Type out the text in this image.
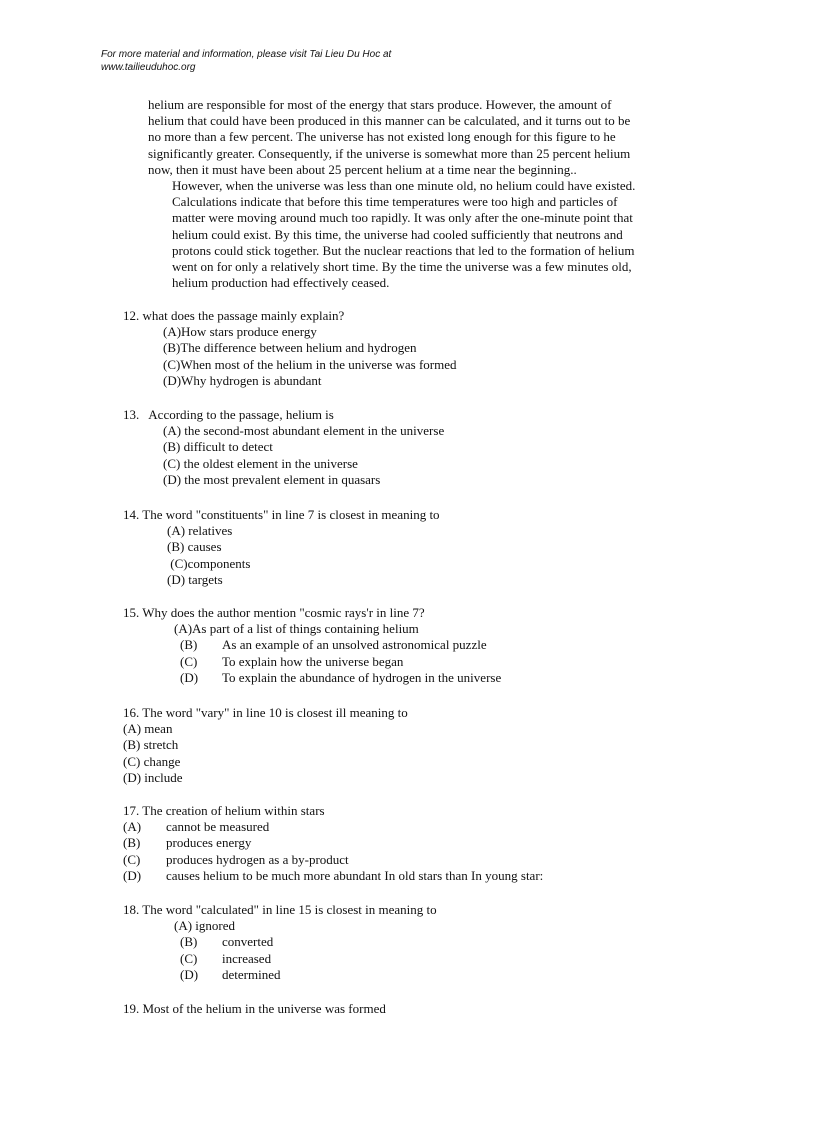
For more material and information, please visit Tai Lieu Du Hoc at
www.tailieuduhoc.org
helium are responsible for most of the energy that stars produce. However, the amount of
helium that could have been produced in this manner can be calculated, and it turns out to be
no more than a few percent. The universe has not existed long enough for this figure to he
significantly greater. Consequently, if the universe is somewhat more than 25 percent helium
now, then it must have been about 25 percent helium at a time near the beginning..
However, when the universe was less than one minute old, no helium could have existed.
Calculations indicate that before this time temperatures were too high and particles of
matter were moving around much too rapidly. It was only after the one-minute point that
helium could exist. By this time, the universe had cooled sufficiently that neutrons and
protons could stick together. But the nuclear reactions that led to the formation of helium
went on for only a relatively short time. By the time the universe was a few minutes old,
helium production had effectively ceased.
12. what does the passage mainly explain?
(A)How stars produce energy
(B)The difference between helium and hydrogen
(C)When most of the helium in the universe was formed
(D)Why hydrogen is abundant
13.   According to the passage, helium is
(A) the second-most abundant element in the universe
(B) difficult to detect
(C) the oldest element in the universe
(D) the most prevalent element in quasars
14. The word "constituents" in line 7 is closest in meaning to
(A) relatives
(B) causes
(C)components
(D) targets
15. Why does the author mention "cosmic rays'r in line 7?
(A)As part of a list of things containing helium
(B) As an example of an unsolved astronomical puzzle
(C) To explain how the universe began
(D) To explain the abundance of hydrogen in the universe
16. The word "vary" in line 10 is closest ill meaning to
(A) mean
(B) stretch
(C) change
(D) include
17. The creation of helium within stars
(A) cannot be measured
(B) produces energy
(C) produces hydrogen as a by-product
(D) causes helium to be much more abundant In old stars than In young star:
18. The word "calculated" in line 15 is closest in meaning to
(A) ignored
(B) converted
(C) increased
(D) determined
19. Most of the helium in the universe was formed
